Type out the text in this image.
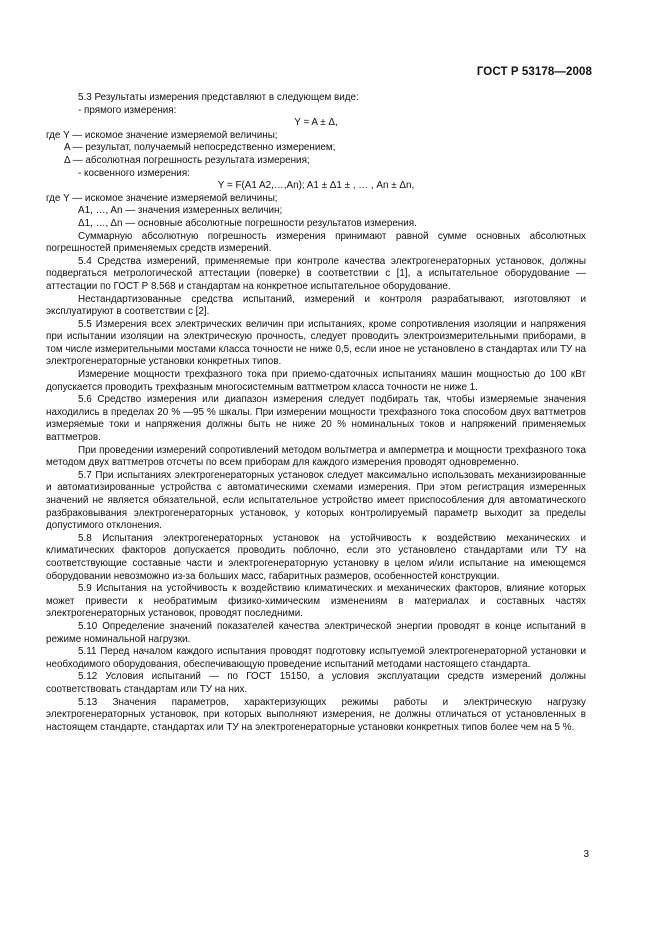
ГОСТ Р 53178—2008

5.3 Результаты измерения представляют в следующем виде:

- прямого измерения:

Y = A ± Δ,

где Y — искомое значение измеряемой величины;

A — результат, получаемый непосредственно измерением;

Δ — абсолютная погрешность результата измерения;

- косвенного измерения:

Y = F(A1 A2,…,An); A1 ± Δ1 ± , … , An ± Δn,

где Y — искомое значение измеряемой величины;

A1, …, An — значения измеренных величин;

Δ1, …, Δn — основные абсолютные погрешности результатов измерения.

Суммарную абсолютную погрешность измерения принимают равной сумме основных абсолютных погрешностей применяемых средств измерений.

5.4 Средства измерений, применяемые при контроле качества электрогенераторных установок, должны подвергаться метрологической аттестации (поверке) в соответствии с [1], а испытательное оборудование — аттестации по ГОСТ Р 8.568 и стандартам на конкретное испытательное оборудование.

Нестандартизованные средства испытаний, измерений и контроля разрабатывают, изготовляют и эксплуатируют в соответствии с [2].

5.5 Измерения всех электрических величин при испытаниях, кроме сопротивления изоляции и напряжения при испытании изоляции на электрическую прочность, следует проводить электроизмерительными приборами, в том числе измерительными мостами класса точности не ниже 0,5, если иное не установлено в стандартах или ТУ на электрогенераторные установки конкретных типов.

Измерение мощности трехфазного тока при приемо-сдаточных испытаниях машин мощностью до 100 кВт допускается проводить трехфазным многосистемным ваттметром класса точности не ниже 1.

5.6 Средство измерения или диапазон измерения следует подбирать так, чтобы измеряемые значения находились в пределах 20 % —95 % шкалы. При измерении мощности трехфазного тока способом двух ваттметров измеряемые токи и напряжения должны быть не ниже 20 % номинальных токов и напряжений применяемых ваттметров.

При проведении измерений сопротивлений методом вольтметра и амперметра и мощности трехфазного тока методом двух ваттметров отсчеты по всем приборам для каждого измерения проводят одновременно.

5.7 При испытаниях электрогенераторных установок следует максимально использовать механизированные и автоматизированные устройства с автоматическими схемами измерения. При этом регистрация измеренных значений не является обязательной, если испытательное устройство имеет приспособления для автоматического разбраковывания электрогенераторных установок, у которых контролируемый параметр выходит за пределы допустимого отклонения.

5.8 Испытания электрогенераторных установок на устойчивость к воздействию механических и климатических факторов допускается проводить поблочно, если это установлено стандартами или ТУ на соответствующие составные части и электрогенераторную установку в целом и/или испытание на имеющемся оборудовании невозможно из-за больших масс, габаритных размеров, особенностей конструкции.

5.9 Испытания на устойчивость к воздействию климатических и механических факторов, влияние которых может привести к необратимым физико-химическим изменениям в материалах и составных частях электрогенераторных установок, проводят последними.

5.10 Определение значений показателей качества электрической энергии проводят в конце испытаний в режиме номинальной нагрузки.

5.11 Перед началом каждого испытания проводят подготовку испытуемой электрогенераторной установки и необходимого оборудования, обеспечивающую проведение испытаний методами настоящего стандарта.

5.12 Условия испытаний — по ГОСТ 15150, а условия эксплуатации средств измерений должны соответствовать стандартам или ТУ на них.

5.13 Значения параметров, характеризующих режимы работы и электрическую нагрузку электрогенераторных установок, при которых выполняют измерения, не должны отличаться от установленных в настоящем стандарте, стандартах или ТУ на электрогенераторные установки конкретных типов более чем на 5 %.

3
